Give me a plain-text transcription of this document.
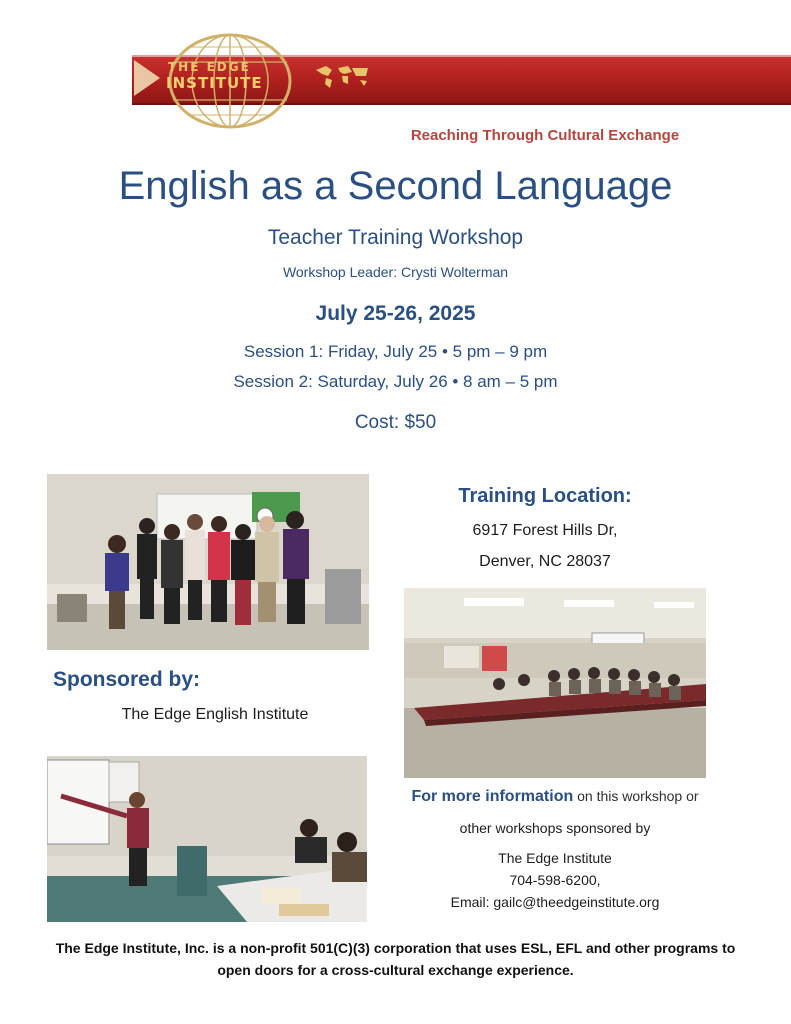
THE EDGE
INSTITUTE
Reaching Through Cultural Exchange
English as a Second Language
Teacher Training Workshop
Workshop Leader: Crysti Wolterman
July 25-26, 2025
Session 1: Friday, July 25 • 5 pm – 9 pm
Session 2: Saturday, July 26 • 8 am – 5 pm
Cost: $50
Training Location:
6917 Forest Hills Dr,
Denver, NC 28037
Sponsored by:
The Edge English Institute
For more information on this workshop or
other workshops sponsored by
The Edge Institute
704-598-6200,
Email: gailc@theedgeinstitute.org
The Edge Institute, Inc. is a non-profit 501(C)(3) corporation that uses ESL, EFL and other programs to open doors for a cross-cultural exchange experience.
